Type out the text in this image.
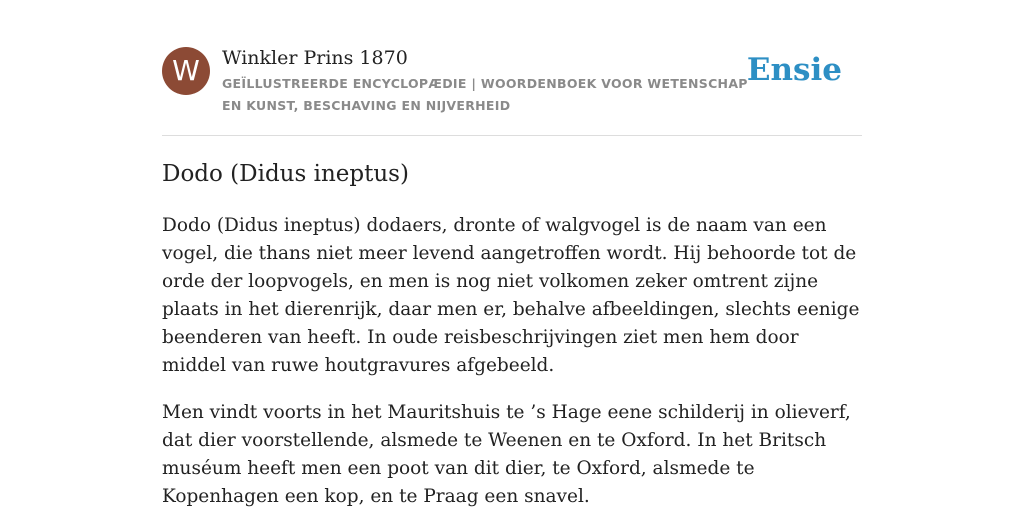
W	Winkler Prins 1870
GEÏLLUSTREERDE ENCYCLOPÆDIE | WOORDENBOEK VOOR WETENSCHAP EN KUNST, BESCHAVING EN NIJVERHEID
Ensie
Dodo (Didus ineptus)

Dodo (Didus ineptus) dodaers, dronte of walgvogel is de naam van een vogel, die thans niet meer levend aangetroffen wordt. Hij behoorde tot de orde der loopvogels, en men is nog niet volkomen zeker omtrent zijne plaats in het dierenrijk, daar men er, behalve afbeeldingen, slechts eenige beenderen van heeft. In oude reisbeschrijvingen ziet men hem door middel van ruwe houtgravures afgebeeld.

Men vindt voorts in het Mauritshuis te ’s Hage eene schilderij in olieverf, dat dier voorstellende, alsmede te Weenen en te Oxford. In het Britsch muséum heeft men een poot van dit dier, te Oxford, alsmede te Kopenhagen een kop, en te Praag een snavel.
